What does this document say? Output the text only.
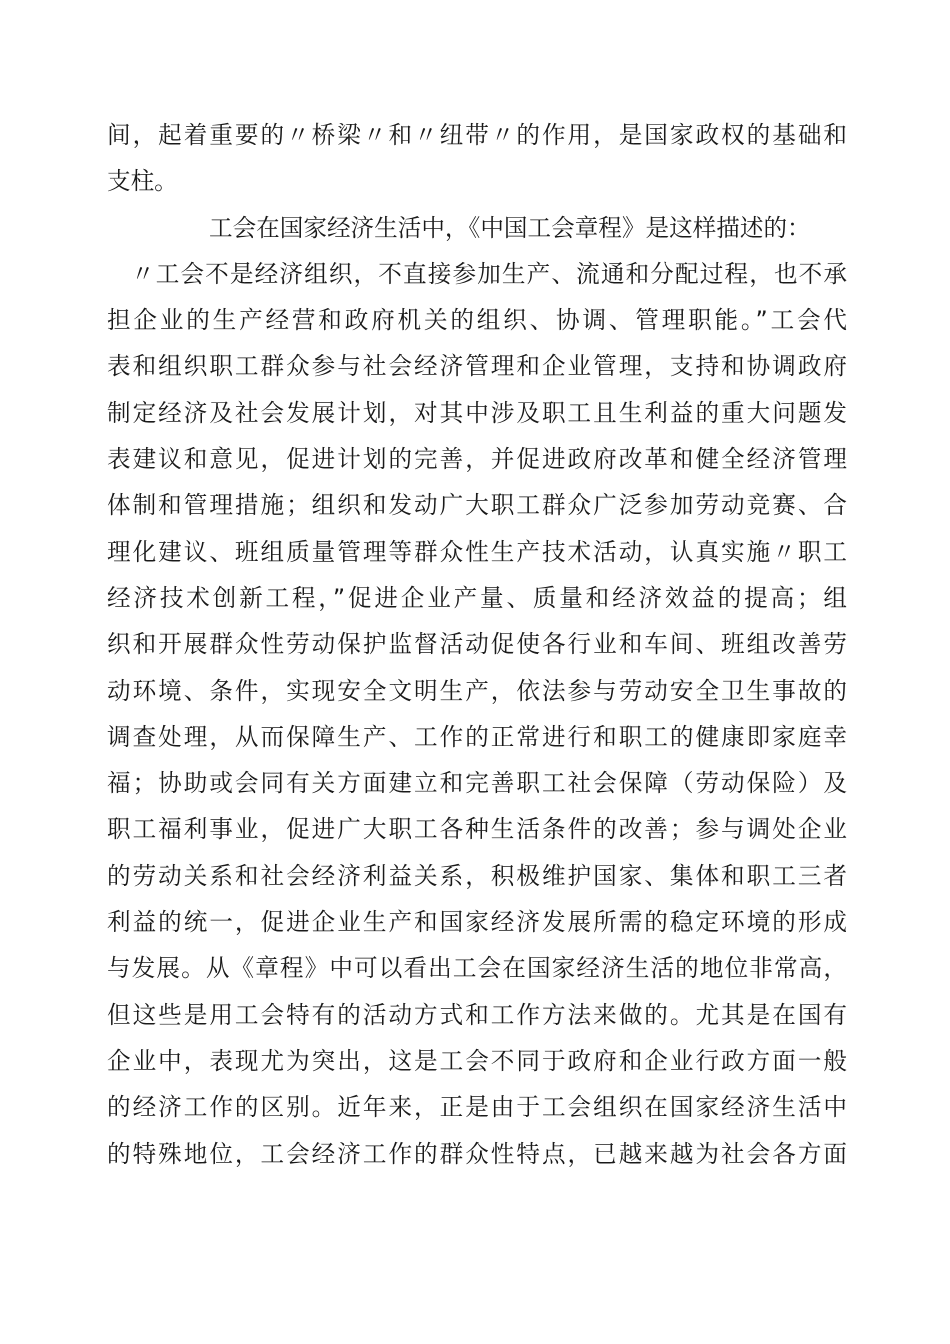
间，起着重要的〃桥梁〃和〃纽带〃的作用，是国家政权的基础和
支柱。
工会在国家经济生活中，《中国工会章程》是这样描述的：
〃工会不是经济组织，不直接参加生产、流通和分配过程，也不承
担企业的生产经营和政府机关的组织、协调、管理职能。”工会代
表和组织职工群众参与社会经济管理和企业管理，支持和协调政府
制定经济及社会发展计划，对其中涉及职工且生利益的重大问题发
表建议和意见，促进计划的完善，并促进政府改革和健全经济管理
体制和管理措施；组织和发动广大职工群众广泛参加劳动竞赛、合
理化建议、班组质量管理等群众性生产技术活动，认真实施〃职工
经济技术创新工程，”促进企业产量、质量和经济效益的提高；组
织和开展群众性劳动保护监督活动促使各行业和车间、班组改善劳
动环境、条件，实现安全文明生产，依法参与劳动安全卫生事故的
调查处理，从而保障生产、工作的正常进行和职工的健康即家庭幸
福；协助或会同有关方面建立和完善职工社会保障（劳动保险）及
职工福利事业，促进广大职工各种生活条件的改善；参与调处企业
的劳动关系和社会经济利益关系，积极维护国家、集体和职工三者
利益的统一，促进企业生产和国家经济发展所需的稳定环境的形成
与发展。从《章程》中可以看出工会在国家经济生活的地位非常高，
但这些是用工会特有的活动方式和工作方法来做的。尤其是在国有
企业中，表现尤为突出，这是工会不同于政府和企业行政方面一般
的经济工作的区别。近年来，正是由于工会组织在国家经济生活中
的特殊地位，工会经济工作的群众性特点，已越来越为社会各方面
